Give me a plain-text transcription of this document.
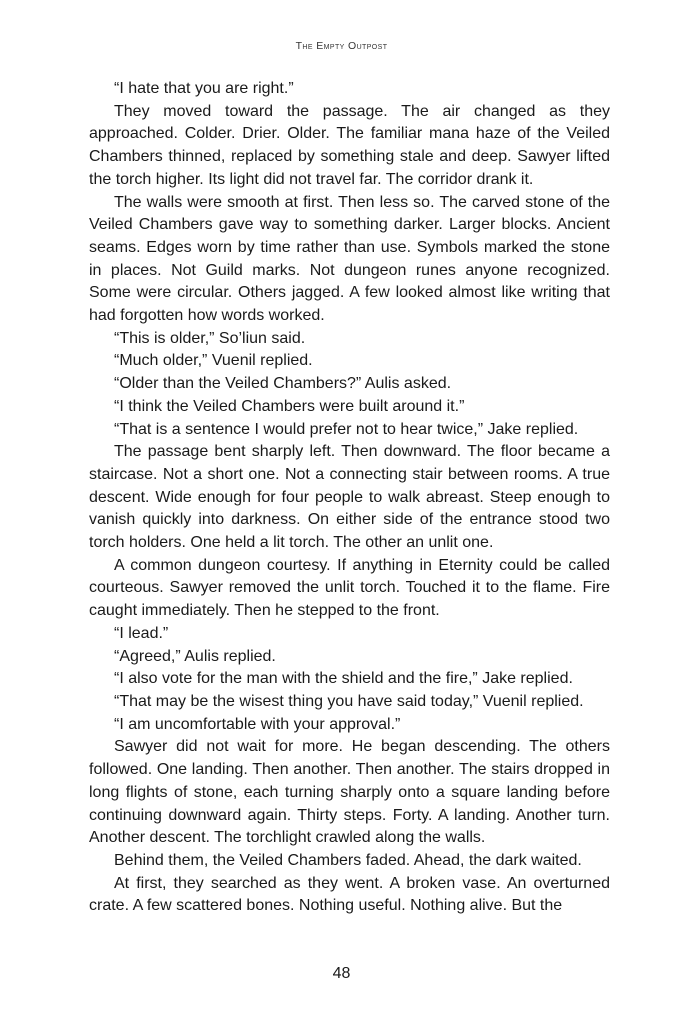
The Empty Outpost

“I hate that you are right.”

They moved toward the passage. The air changed as they approached. Colder. Drier. Older. The familiar mana haze of the Veiled Chambers thinned, replaced by something stale and deep. Sawyer lifted the torch higher. Its light did not travel far. The corridor drank it.

The walls were smooth at first. Then less so. The carved stone of the Veiled Chambers gave way to something darker. Larger blocks. Ancient seams. Edges worn by time rather than use. Symbols marked the stone in places. Not Guild marks. Not dungeon runes anyone recognized. Some were circular. Others jagged. A few looked almost like writing that had forgotten how words worked.

“This is older,” So’liun said.

“Much older,” Vuenil replied.

“Older than the Veiled Chambers?” Aulis asked.

“I think the Veiled Chambers were built around it.”

“That is a sentence I would prefer not to hear twice,” Jake replied.

The passage bent sharply left. Then downward. The floor became a staircase. Not a short one. Not a connecting stair between rooms. A true descent. Wide enough for four people to walk abreast. Steep enough to vanish quickly into darkness. On either side of the entrance stood two torch holders. One held a lit torch. The other an unlit one.

A common dungeon courtesy. If anything in Eternity could be called courteous. Sawyer removed the unlit torch. Touched it to the flame. Fire caught immediately. Then he stepped to the front.

“I lead.”

“Agreed,” Aulis replied.

“I also vote for the man with the shield and the fire,” Jake replied.

“That may be the wisest thing you have said today,” Vuenil replied.

“I am uncomfortable with your approval.”

Sawyer did not wait for more. He began descending. The others followed. One landing. Then another. Then another. The stairs dropped in long flights of stone, each turning sharply onto a square landing before continuing downward again. Thirty steps. Forty. A landing. Another turn. Another descent. The torchlight crawled along the walls.

Behind them, the Veiled Chambers faded. Ahead, the dark waited.

At first, they searched as they went. A broken vase. An overturned crate. A few scattered bones. Nothing useful. Nothing alive. But the

48
